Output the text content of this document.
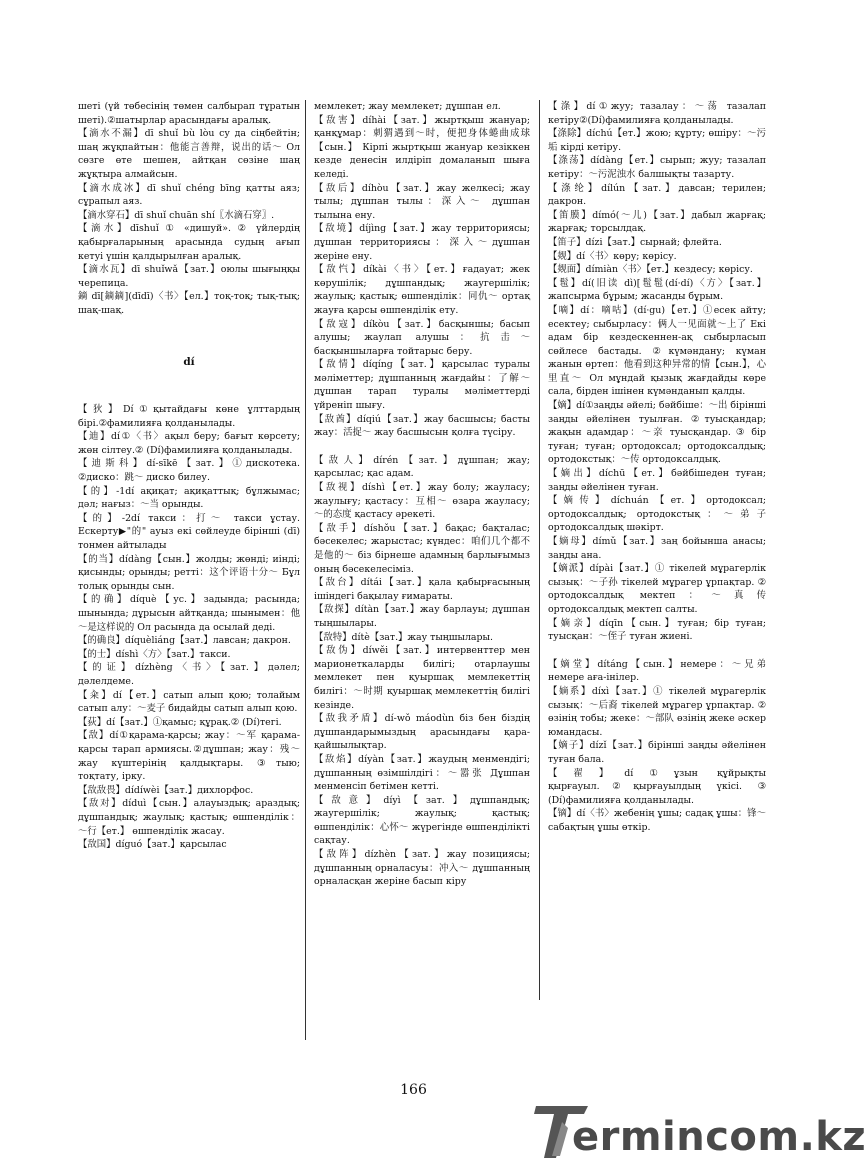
шеті (үй төбесінің төмен салбырап тұратын шеті).②шатырлар арасындағы аралық.

【滴水不漏】dī shuǐ bù lòu су да сіңбейтін; шаң жұқпайтын：他能言善辩，说出的话～ Ол сөзге өте шешен, айтқан сөзіне шаң жұқтыра алмайсын.

【滴水成冰】dī shuǐ chéng bīng қатты аяз; сұрапыл аяз.

【滴水穿石】dī shuǐ chuān shí〖水滴石穿〗.

【滴水】dīshuǐ ① «дишуй». ② үйлердің қабырғаларының арасында судың ағып кетуі үшін қалдырылған аралық.

【滴水瓦】dī shuǐwǎ【зат.】оюлы шығыңқы черепица.

鏑 dī[鏑鏑](dīdī)〈书〉【ел.】тоқ-тоқ; тық-тық; шақ-шақ.

dí

【狄】Dí①қытайдағы көне ұлттардың бірі.②фамилияға қолданылады.

【迪】dí①〈书〉ақыл беру; бағыт көрсету; жөн сілтеу.② (Dí)фамилияға қолданылады.

【迪斯科】dí-sīkē【зат.】①дискотека. ②диско：跳～ диско билеу.

【的】-1dí ақиқат; ақиқаттық; бұлжымас; дәл; нағыз：～当 орынды.

【的】-2dí такси：打～ такси ұстау. Ескерту▶"的" ауыз екі сөйлеуде бірінші (dī) тонмен айтылады

【的当】dídàng【сын.】жолды; жөнді; иінді; қисынды; орынды; реттi：这个评语十分～ Бұл толық орынды сын.

【的确】díquè【ус.】задында; расында; шынында; дұрысын айтқанда; шынымен：他～是这样说的 Ол расында да осылай деді.

【的确良】díquèliáng【зат.】лавсан; дакрон.

【的士】díshì〈方〉【зат.】такси.

【的证】dízhèng〈书〉【зат.】дәлел; дәлелдеме.

【籴】dí【ет.】сатып алып қою; толайым сатып алу：～麦子 бидайды сатып алып қою.

【荻】dí【зат.】①қамыс; құрақ.② (Dí)тегі.

【敌】dí①қарама-қарсы; жау：～军 қарама-қарсы тарап армиясы.②дұшпан; жау：残～ жау күштерінің қалдықтары. ③тыю; тоқтату, ірку.

【敌敌畏】dídíwèi【зат.】дихлорфос.

【敌对】díduì【сын.】алауыздық; араздық; дұшпандық; жаулық; қастық; өшпенділік：～行【ет.】 өшпенділік жасау.

【敌国】díguó【зат.】қарсылас

мемлекет; жау мемлекет; дұшпан ел.

【敌害】díhài【зат.】жыртқыш жануар; қанқұмар：刺猬遇到～时，便把身体蜷曲成球【сын.】 Кірпі жыртқыш жануар кезіккен кезде денесін илдіріп домаланып шыға келеді.

【敌后】díhòu【зат.】жау желкесі; жау тылы; дұшпан тылы：深入～ дұшпан тылына ену.

【敌境】díjìng【зат.】жау территориясы; дұшпан территориясы：深入～дұшпан жеріне ену.

【敌忾】díkài〈书〉【ет.】ғадауат; жек көрушілік; дұшпандық; жаугершілік; жаулық; қастық; өшпенділік：同仇～ ортақ жауға қарсы өшпенділік ету.

【敌寇】díkòu【зат.】басқыншы; басып алушы; жаулап алушы：抗击～ басқыншыларға тойтарыс беру.

【敌情】díqíng【зат.】қарсылас туралы мәліметтер; дұшпанның жағдайы：了解～ дұшпан тарап туралы мәліметтерді үйреніп шығу.

【敌酋】díqiú【зат.】жау басшысы; басты жау：活捉～ жау басшысын қолға түсіру.

【敌人】dírén【зат.】дұшпан; жау; қарсылас; қас адам.

【敌视】díshì【ет.】жау болу; жауласу; жаулығу; қастасу：互相～ өзара жауласу; ～的态度 қастасу әрекеті.

【敌手】díshǒu【зат.】бақас; бақталас; бәсекелес; жарыстас; күндес：咱们几个都不是他的～ біз бірнеше адамның барлығымыз оның бәсекелесіміз.

【敌台】dítái【зат.】қала қабырғасының ішіндегі бақылау ғимараты.

【敌探】dítàn【зат.】жау барлауы; дұшпан тыңшылары.

【敌特】dítè【зат.】жау тыңшылары.

【敌伪】díwěi【зат.】интервенттер мен марионеткаларды билігі; отарлаушы мемлекет пен қуыршақ мемлекеттің билігі：～时期 қуыршақ мемлекеттің билігі кезінде.

【敌我矛盾】dí-wǒ máodùn біз бен біздің дұшпандарымыздың арасындағы қарa-қайшылықтар.

【敌焰】díyàn【зат.】жаудың менмендігі; дұшпанның өзімшілдігі：～嚣张 Дұшпан менменсіп бетімен кетті.

【敌意】díyì【зат.】дұшпандық; жаугершілік; жаулық; қастық; өшпенділік：心怀～ жүрегінде өшпенділікті сақтау.

【敌阵】dízhèn【зат.】жау позициясы; дұшпанның орналасуы：冲入～ дұшпанның орналасқан жеріне басып кіру

【涤】dí①жуу; тазалау：～荡 тазалап кетіру②(Dí)фамилияға қолданылады.

【涤除】díchú【ет.】жою; құрту; өшіру：～污垢 кірді кетіру.

【涤荡】dídàng【ет.】сырып; жуу; тазалап кетіру：～污泥浊水 балшықты тазарту.

【涤纶】dílún【зат.】давсан; терилен; дакрон.

【笛膜】dímó(～儿)【зат.】дабыл жарғақ; жарғақ; торсылдақ.

【笛子】dízi【зат.】сырнай; флейта.

【觌】dí〈书〉көру; көрісу.

【觌面】dímiàn〈书〉【ет.】кездесу; көрісу.

【髢】dí(旧读 dì)[髢髢(dí·dí)〈方〉【зат.】жапсырма бұрым; жасанды бұрым.

【嘀】dí：嘀咕】(dí·gu)【ет.】①есек айту; есектеу; сыбырласу：俩人一见面就～上了 Екі адам бір кездескеннен-ақ сыбырласып сөйлесе бастады. ②күмәндану; күман жанын өртеп：他看到这种异常的情【сын.】，心里直～ Ол мұндай қызық жағдайды көре сала, бірден ішінен күмәнданып қалды.

【嫡】dí①заңды әйелі; бәйбіше：～出 бірінші заңды әйелінен туылған. ②туысқандар; жақын адамдар：～亲 туысқандар. ③ бір туған; туған; ортодоксал; ортодоксалдық; ортодокстық：～传 ортодоксалдық.

【嫡出】díchū【ет.】бәйбішеден туған; заңды әйелінен туған.

【嫡传】díchuán【ет.】ортодоксал; ортодоксалдық; ортодокстық：～弟子 ортодоксалдық шәкірт.

【嫡母】dímǔ【зат.】заң бойынша анасы; заңды ана.

【嫡派】dípài【зат.】① тікелей мұрагерлік сызық：～子孙 тікелей мұрагер ұрпақтар. ② ортодоксалдық мектеп：～真传 ортодоксалдық мектеп салты.

【嫡亲】díqīn【сын.】туған; бір туған; туысқан：～侄子 туған жиені.

【嫡堂】dítáng【сын.】немере：～兄弟 немере аға-інілер.

【嫡系】díxì【зат.】① тікелей мұрагерлік сызық：～后裔 тікелей мұрагер ұрпақтар. ② өзінің тобы; жеке：～部队 өзінің жеке әскер юмандасы.

【嫡子】dízǐ【зат.】бірінші заңды әйелінен туған бала.

【翟】dí①ұзын құйрықты қырғауыл.②қырғауылдың үкісі. ③ (Dí)фамилияға қолданылады.

【镝】dí〈书〉жебенің ұшы; садақ ұшы：锋～ сабақтың ұшы өткір.

166
ermincom.kz
